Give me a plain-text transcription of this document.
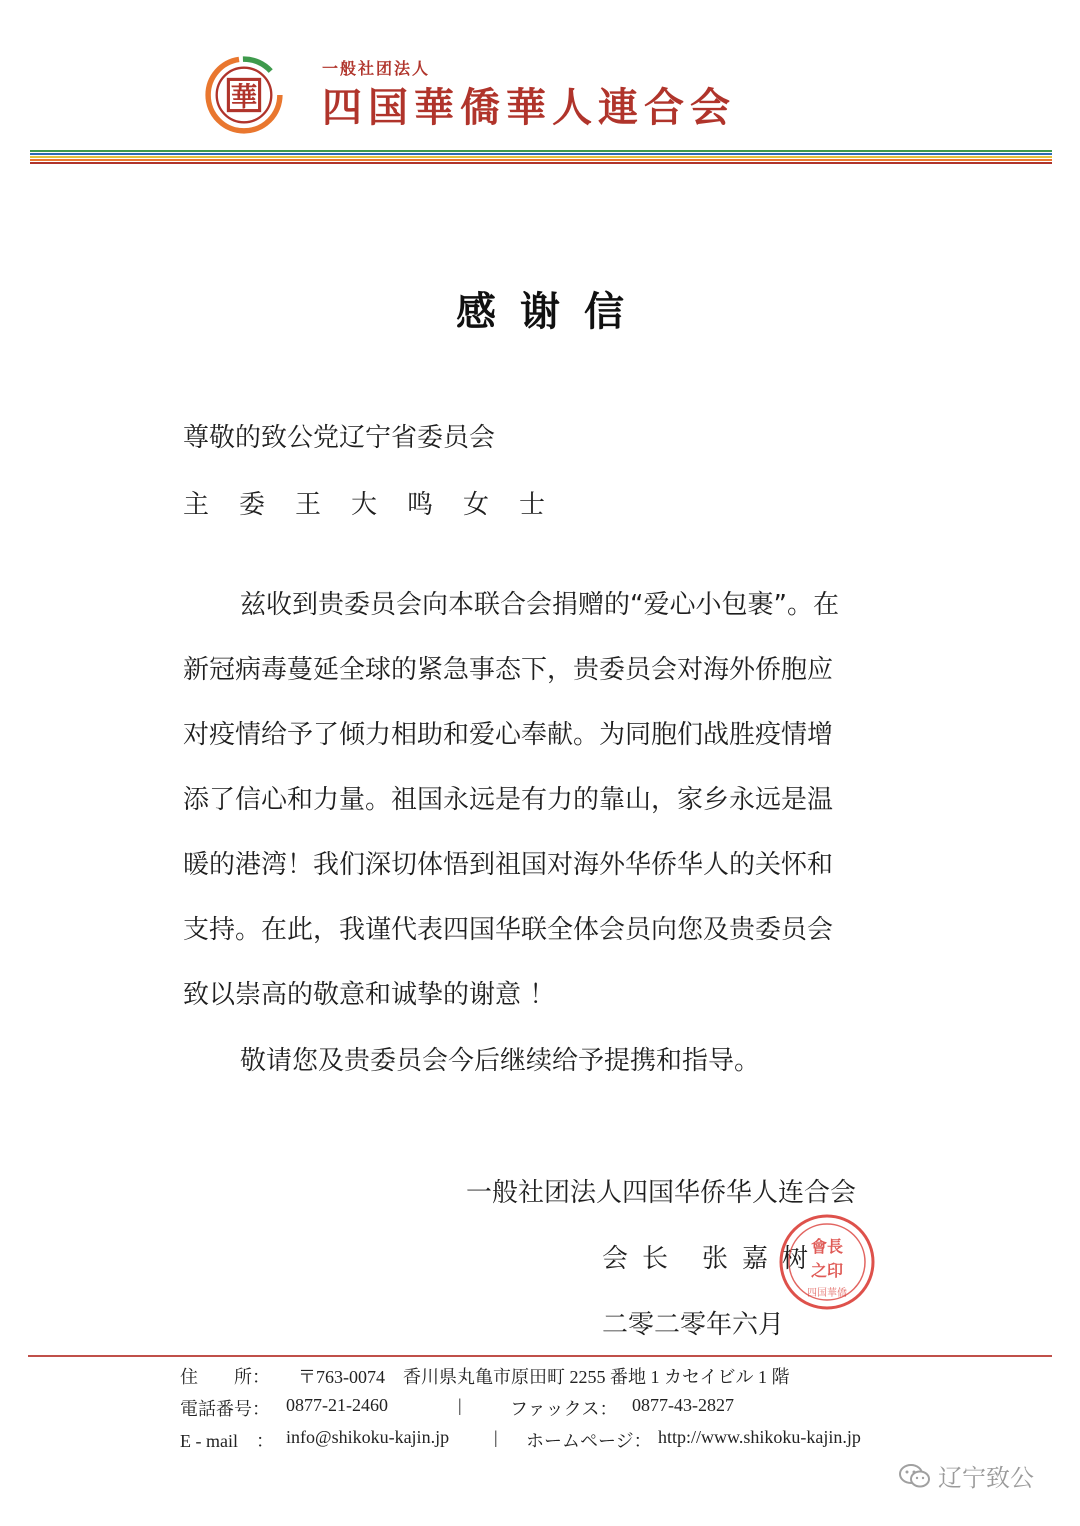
華
一般社团法人
四国華僑華人連合会
感谢信
尊敬的致公党辽宁省委员会
主委王大鸣女士
兹收到贵委员会向本联合会捐赠的“爱心小包裹”。在
新冠病毒蔓延全球的紧急事态下，贵委员会对海外侨胞应
对疫情给予了倾力相助和爱心奉献。为同胞们战胜疫情增
添了信心和力量。祖国永远是有力的靠山，家乡永远是温
暖的港湾！我们深切体悟到祖国对海外华侨华人的关怀和
支持。在此，我谨代表四国华联全体会员向您及贵委员会
致以崇高的敬意和诚挚的谢意 ！
敬请您及贵委员会今后继续给予提携和指导。
一般社团法人四国华侨华人连合会
会长 张嘉树
會長
之印
四国華僑
二零二零年六月
住　　所： 〒763-0074　香川県丸亀市原田町 2255 番地 1 カセイビル 1 階
電話番号： 0877-21-2460	|	ファックス： 0877-43-2827
E - mail　： info@shikoku-kajin.jp | ホームページ： http://www.shikoku-kajin.jp
辽宁致公
